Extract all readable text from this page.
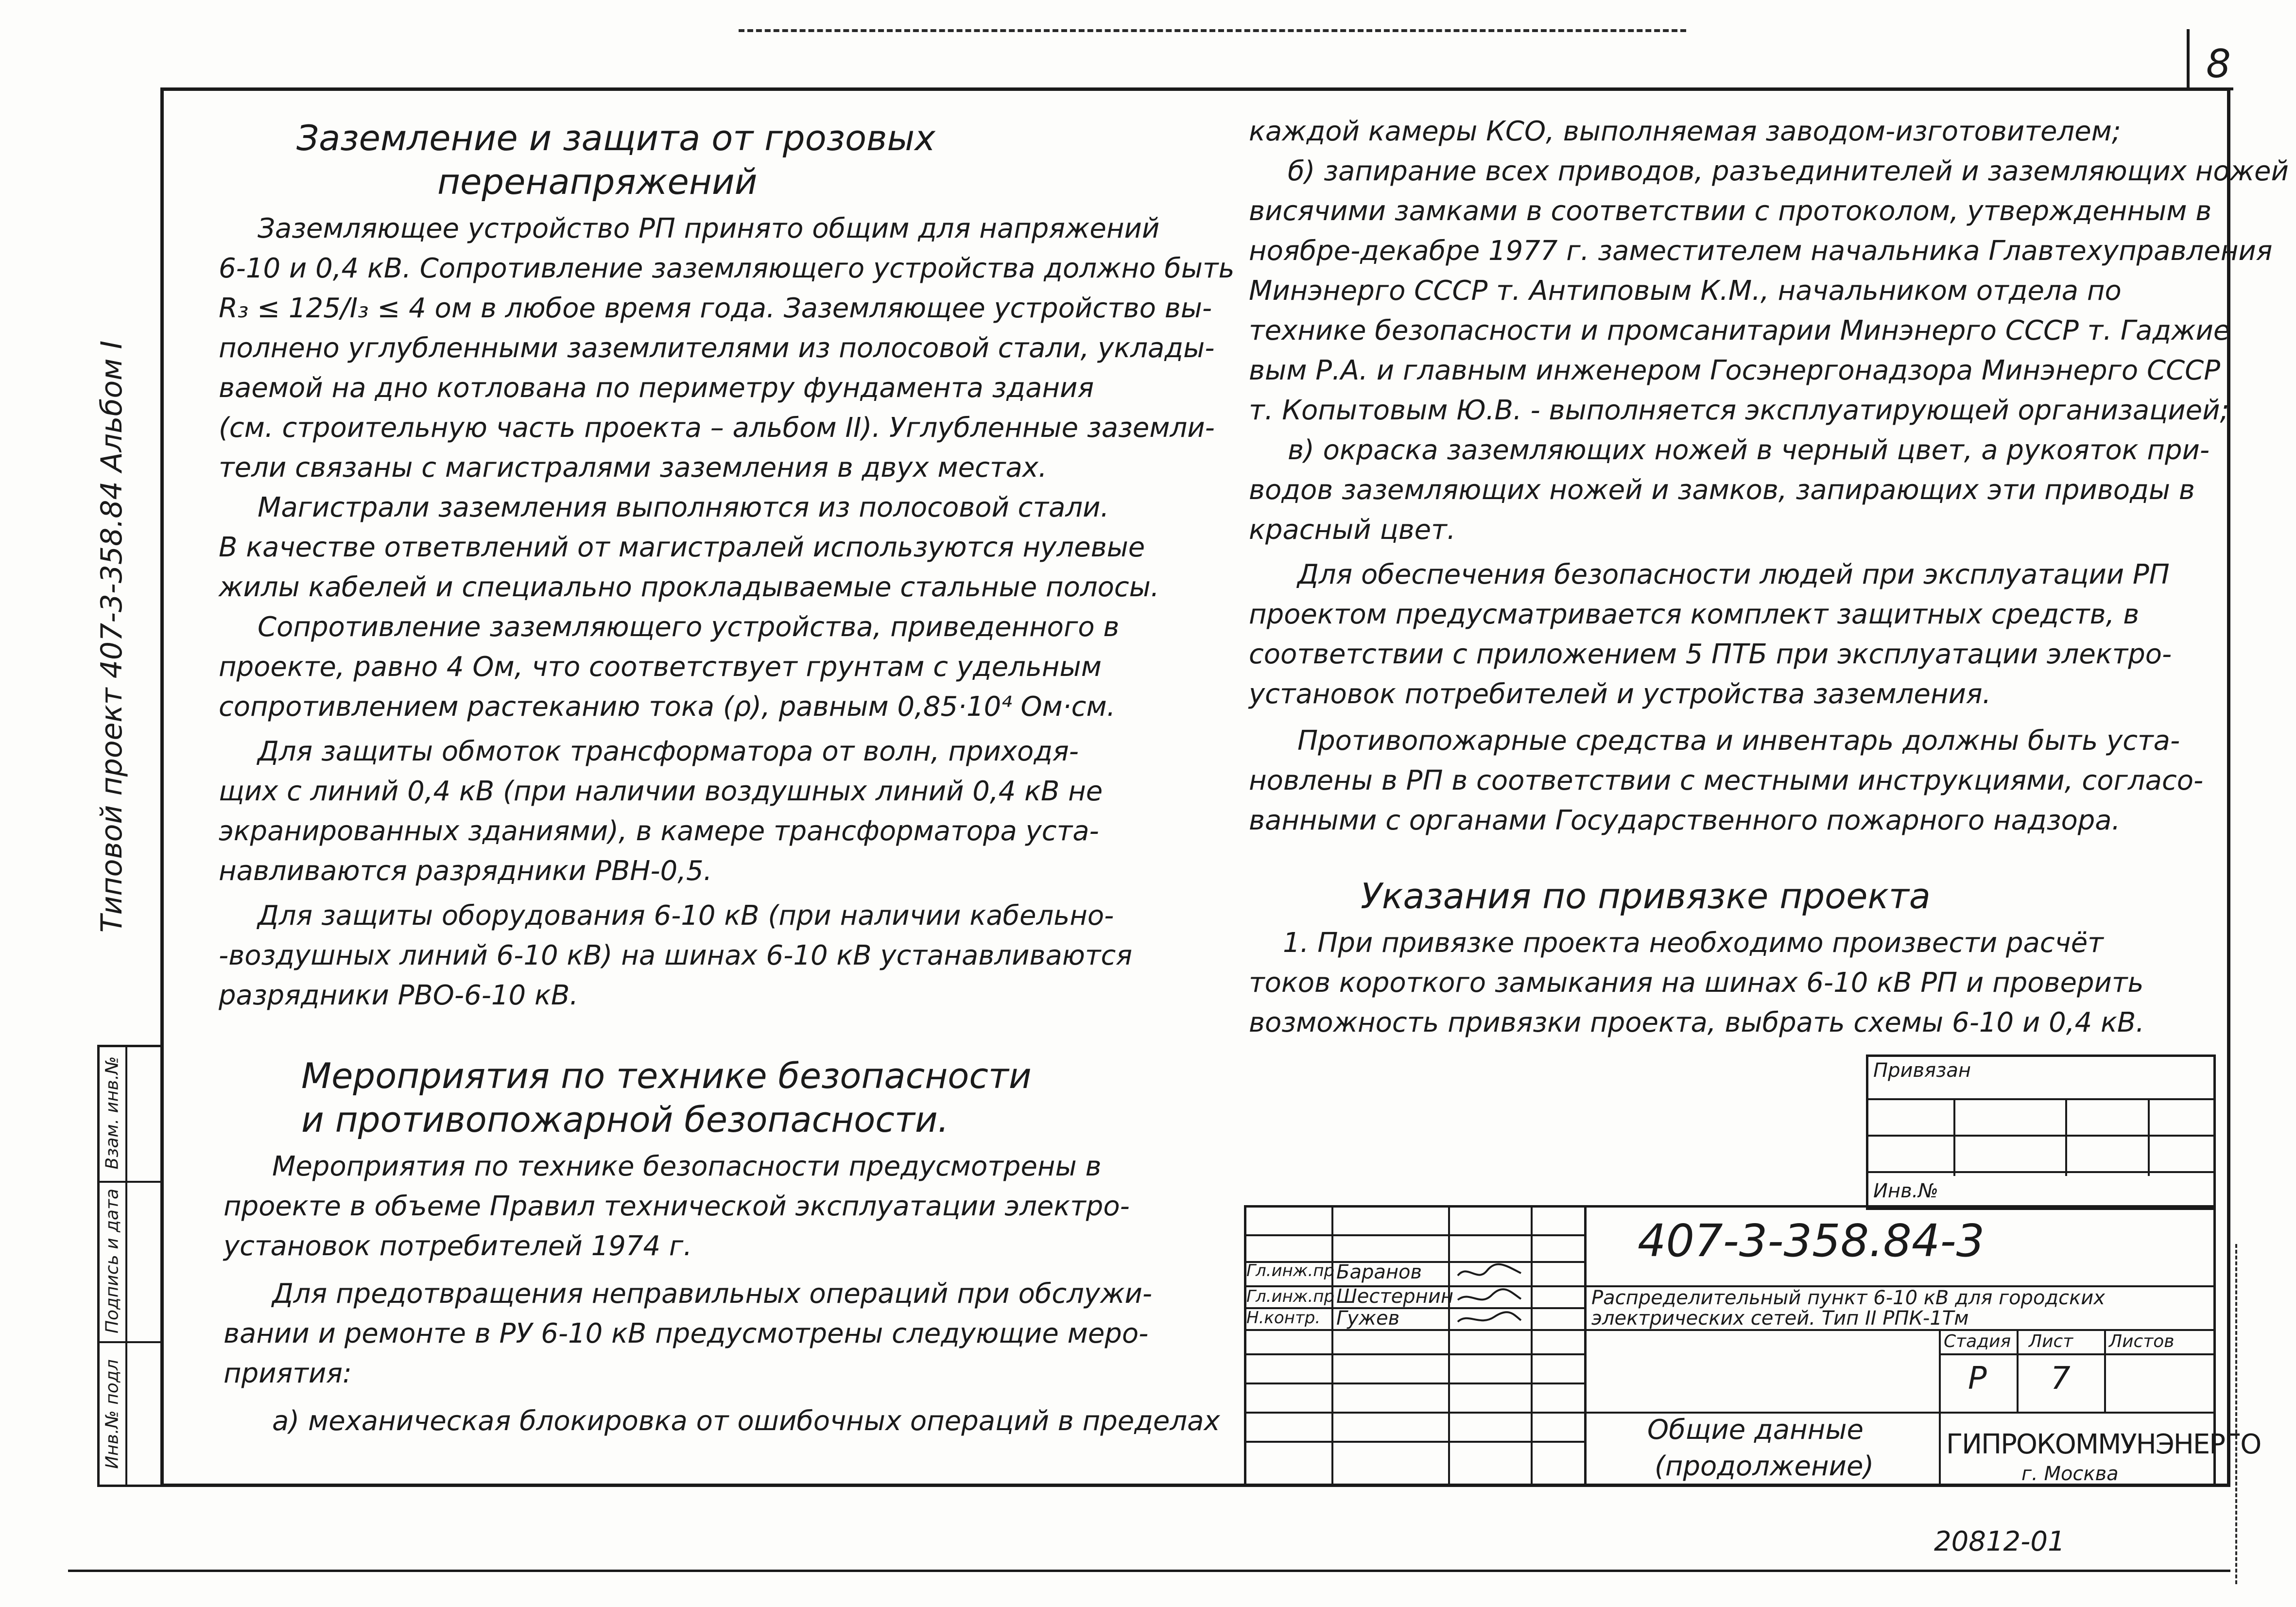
8
Типовой проект 407-3-358.84 Альбом I
Взам. инв.№
Подпись и дата
Инв.№ подл
Заземление и защита от грозовых
перенапряжений
Заземляющее устройство РП принято общим для напряжений
6-10 и 0,4 кВ. Сопротивление заземляющего устройства должно быть
R₃ ≤ 125/I₃ ≤ 4 ом в любое время года. Заземляющее устройство вы-
полнено углубленными заземлителями из полосовой стали, уклады-
ваемой на дно котлована по периметру фундамента здания
(см. строительную часть проекта – альбом II). Углубленные заземли-
тели связаны с магистралями заземления в двух местах.
Магистрали заземления выполняются из полосовой стали.
В качестве ответвлений от магистралей используются нулевые
жилы кабелей и специально прокладываемые стальные полосы.
Сопротивление заземляющего устройства, приведенного в
проекте, равно 4 Ом, что соответствует грунтам с удельным
сопротивлением растеканию тока (ρ), равным 0,85·10⁴ Ом·см.
Для защиты обмоток трансформатора от волн, приходя-
щих с линий 0,4 кВ (при наличии воздушных линий 0,4 кВ не
экранированных зданиями), в камере трансформатора уста-
навливаются разрядники РВН-0,5.
Для защиты оборудования 6-10 кВ (при наличии кабельно-
-воздушных линий 6-10 кВ) на шинах 6-10 кВ устанавливаются
разрядники РВО-6-10 кВ.
Мероприятия по технике безопасности
и противопожарной безопасности.
Мероприятия по технике безопасности предусмотрены в
проекте в объеме Правил технической эксплуатации электро-
установок потребителей 1974 г.
Для предотвращения неправильных операций при обслужи-
вании и ремонте в РУ 6-10 кВ предусмотрены следующие меро-
приятия:
а) механическая блокировка от ошибочных операций в пределах
каждой камеры КСО, выполняемая заводом-изготовителем;
б) запирание всех приводов, разъединителей и заземляющих ножей
висячими замками в соответствии с протоколом, утвержденным в
ноябре-декабре 1977 г. заместителем начальника Главтехуправления
Минэнерго СССР т. Антиповым К.М., начальником отдела по
технике безопасности и промсанитарии Минэнерго СССР т. Гаджие
вым Р.А. и главным инженером Госэнергонадзора Минэнерго СССР
т. Копытовым Ю.В. - выполняется эксплуатирующей организацией;
в) окраска заземляющих ножей в черный цвет, а рукояток при-
водов заземляющих ножей и замков, запирающих эти приводы в
красный цвет.
Для обеспечения безопасности людей при эксплуатации РП
проектом предусматривается комплект защитных средств, в
соответствии с приложением 5 ПТБ при эксплуатации электро-
установок потребителей и устройства заземления.
Противопожарные средства и инвентарь должны быть уста-
новлены в РП в соответствии с местными инструкциями, согласо-
ванными с органами Государственного пожарного надзора.
Указания по привязке проекта
1. При привязке проекта необходимо произвести расчёт
токов короткого замыкания на шинах 6-10 кВ РП и проверить
возможность привязки проекта, выбрать схемы 6-10 и 0,4 кВ.
Привязан
Инв.№
Гл.инж.пр
Гл.инж.пр
Н.контр.
Баранов
Шестернин
Гужев
407-3-358.84-3
Распределительный пункт 6-10 кВ для городских
электрических сетей. Тип II РПК-1Тм
Стадия Лист Листов
Р 7
Общие данные
(продолжение)
ГИПРОКОММУНЭНЕРГО
г. Москва
20812-01
